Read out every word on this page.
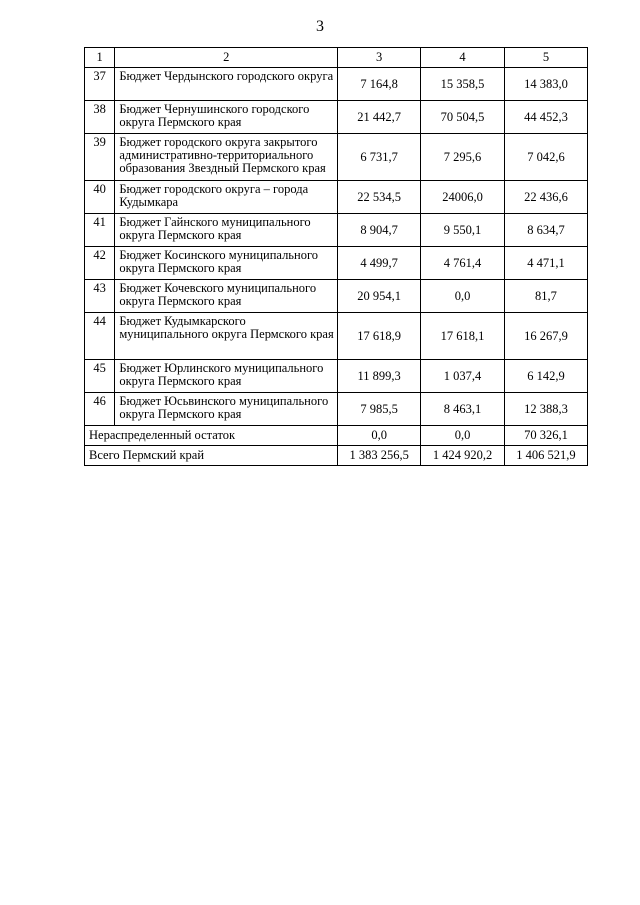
3
1	2	3	4	5
37	Бюджет Чердынского городского округа	7 164,8	15 358,5	14 383,0
38	Бюджет Чернушинского городского округа Пермского края	21 442,7	70 504,5	44 452,3
39	Бюджет городского округа закрытого административно-территориального образования Звездный Пермского края	6 731,7	7 295,6	7 042,6
40	Бюджет городского округа – города Кудымкара	22 534,5	24006,0	22 436,6
41	Бюджет Гайнского муниципального округа Пермского края	8 904,7	9 550,1	8 634,7
42	Бюджет Косинского муниципального округа Пермского края	4 499,7	4 761,4	4 471,1
43	Бюджет Кочевского муниципального округа Пермского края	20 954,1	0,0	81,7
44	Бюджет Кудымкарского муниципального округа Пермского края	17 618,9	17 618,1	16 267,9
45	Бюджет Юрлинского муниципального округа Пермского края	11 899,3	1 037,4	6 142,9
46	Бюджет Юсьвинского муниципального округа Пермского края	7 985,5	8 463,1	12 388,3
Нераспределенный остаток		0,0	0,0	70 326,1
Всего Пермский край		1 383 256,5	1 424 920,2	1 406 521,9
